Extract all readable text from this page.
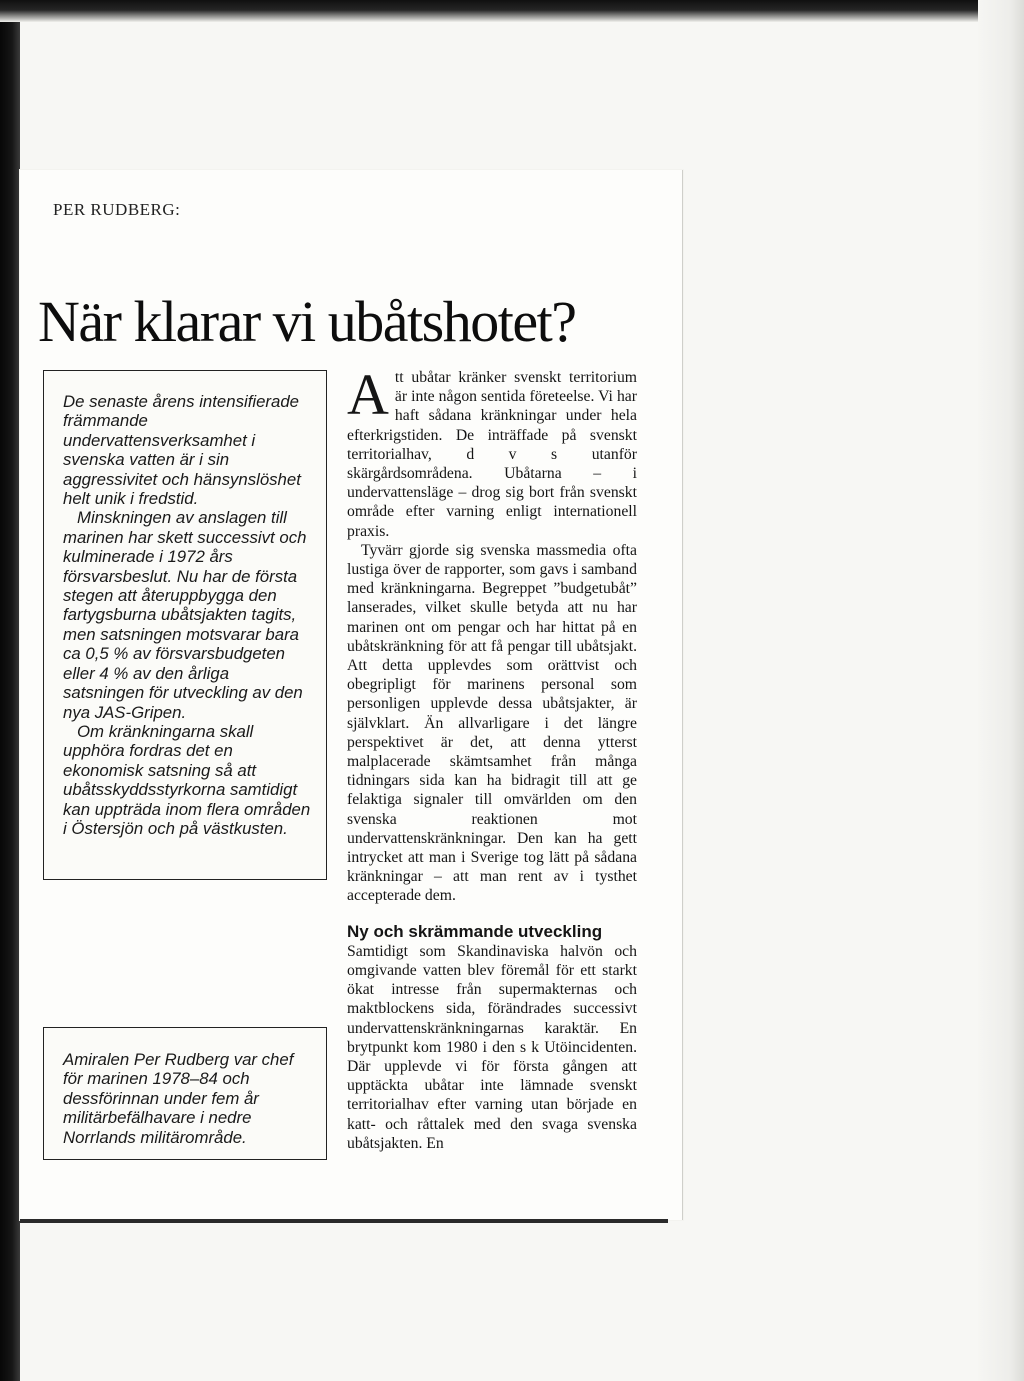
PER RUDBERG:
När klarar vi ubåtshotet?

De senaste årens intensifierade främmande undervattensverksamhet i svenska vatten är i sin aggressivitet och hänsynslöshet helt unik i fredstid.

Minskningen av anslagen till marinen har skett successivt och kulminerade i 1972 års försvarsbeslut. Nu har de första stegen att återuppbygga den fartygsburna ubåtsjakten tagits, men satsningen motsvarar bara ca 0,5 % av försvarsbudgeten eller 4 % av den årliga satsningen för utveckling av den nya JAS-Gripen.

Om kränkningarna skall upphöra fordras det en ekonomisk satsning så att ubåtsskyddsstyrkorna samtidigt kan uppträda inom flera områden i Östersjön och på västkusten.

Amiralen Per Rudberg var chef för marinen 1978–84 och dessförinnan under fem år militärbefälhavare i nedre Norrlands militärområde.

Att ubåtar kränker svenskt territorium är inte någon sentida företeelse. Vi har haft sådana kränkningar under hela efterkrigstiden. De inträffade på svenskt territorialhav, d v s utanför skärgårdsområdena. Ubåtarna – i undervattensläge – drog sig bort från svenskt område efter varning enligt internationell praxis.

Tyvärr gjorde sig svenska massmedia ofta lustiga över de rapporter, som gavs i samband med kränkningarna. Begreppet ”budgetubåt” lanserades, vilket skulle betyda att nu har marinen ont om pengar och har hittat på en ubåtskränkning för att få pengar till ubåtsjakt. Att detta upplevdes som orättvist och obegripligt för marinens personal som personligen upplevde dessa ubåtsjakter, är självklart. Än allvarligare i det längre perspektivet är det, att denna ytterst malplacerade skämtsamhet från många tidningars sida kan ha bidragit till att ge felaktiga signaler till omvärlden om den svenska reaktionen mot undervattenskränkningar. Den kan ha gett intrycket att man i Sverige tog lätt på sådana kränkningar – att man rent av i tysthet accepterade dem.

Ny och skrämmande utveckling

Samtidigt som Skandinaviska halvön och omgivande vatten blev föremål för ett starkt ökat intresse från supermakternas och maktblockens sida, förändrades successivt undervattenskränkningarnas karaktär. En brytpunkt kom 1980 i den s k Utöincidenten. Där upplevde vi för första gången att upptäckta ubåtar inte lämnade svenskt territorialhav efter varning utan började en katt- och råttalek med den svaga svenska ubåtsjakten. En
